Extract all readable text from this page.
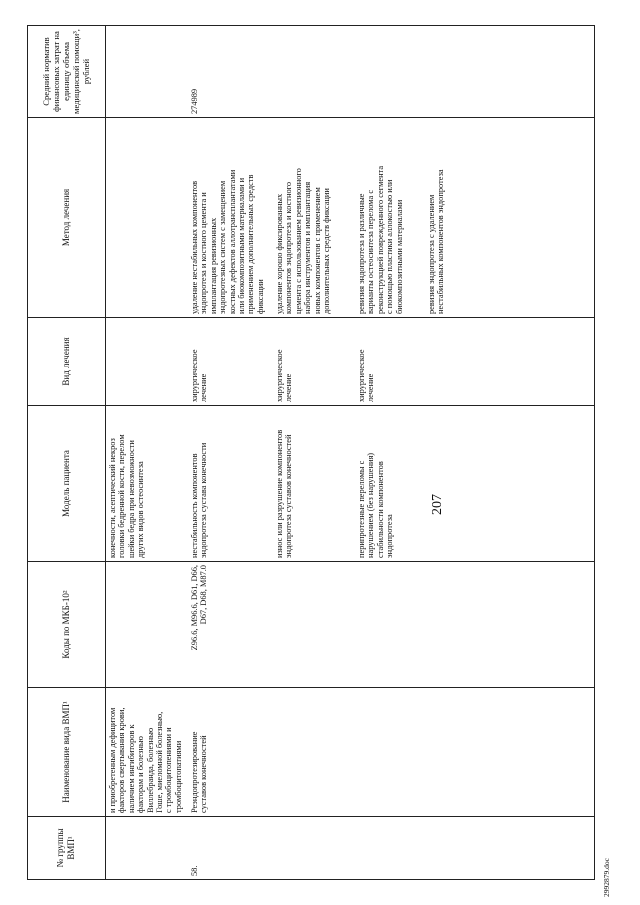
207
№ группы ВМП¹
Наименование вида ВМП¹
Коды по МКБ-10²
Модель пациента
Вид лечения
Метод лечения
Средний норматив финансовых затрат на единицу объема медицинской помощи³, рублей
и приобретенным дефицитом
факторов свертывания крови,
наличием ингибиторов к
факторам и болезнью
Виллебранда, болезнью
Гоше, миеломной болезнью,
с тромбоцитопениями и
тромбоцитопатиями
конечности, асептический некроз
головки бедренной кости, перелом
шейки бедра при невозможности
других видов остеосинтеза
58.
Реэндопротезирование
суставов конечностей
Z96.6, M96.6, D61, D66,
D67, D68, M87.0
нестабильность компонентов
эндопротеза сустава конечности
хирургическое
лечение
удаление нестабильных компонентов
эндопротеза и костного цемента и
имплантация ревизионных
эндопротезных систем с замещением
костных дефектов аллотрансплантатами
или биокомпозитными материалами и
применением дополнительных средств
фиксации
274989
износ или разрушение компонентов
эндопротеза суставов конечностей
хирургическое
лечение
удаление хорошо фиксированных
компонентов эндопротеза и костного
цемента с использованием ревизионного
набора инструментов и имплантация
новых компонентов с применением
дополнительных средств фиксации
перипротезные переломы с
нарушением (без нарушения)
стабильности компонентов
эндопротеза
хирургическое
лечение
ревизия эндопротеза и различные
варианты остеосинтеза перелома с
реконструкцией поврежденного сегмента
с помощью пластики аллокостью или
биокомпозитными материалами
ревизия эндопротеза с удалением
нестабильных компонентов эндопротеза
2992879.doc
